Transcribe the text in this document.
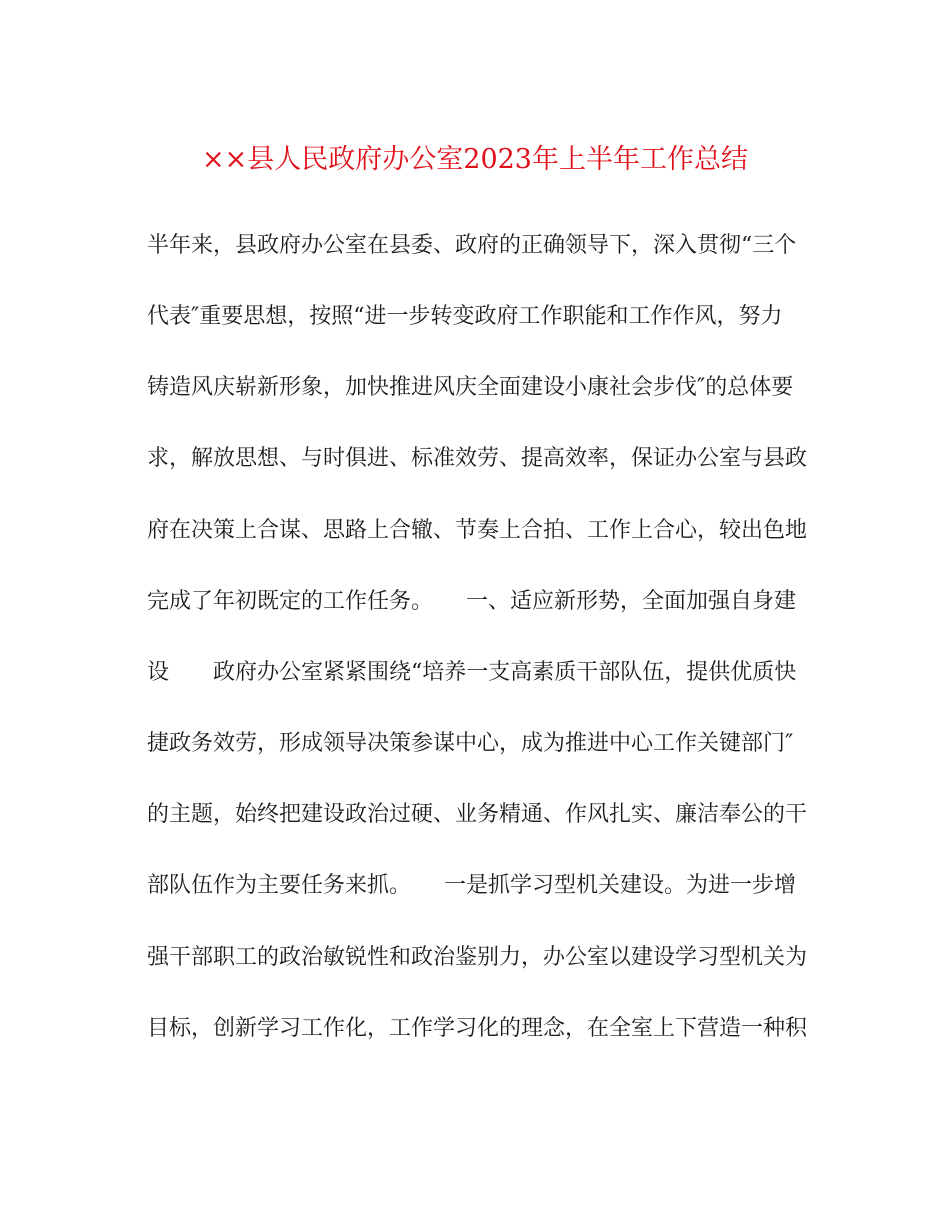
××县人民政府办公室2023年上半年工作总结
半年来，县政府办公室在县委、政府的正确领导下，深入贯彻“三个
代表″重要思想，按照“进一步转变政府工作职能和工作作风，努力
铸造风庆崭新形象，加快推进风庆全面建设小康社会步伐″的总体要
求，解放思想、与时俱进、标准效劳、提高效率，保证办公室与县政
府在决策上合谋、思路上合辙、节奏上合拍、工作上合心，较出色地
完成了年初既定的工作任务。　　一、适应新形势，全面加强自身建
设　　政府办公室紧紧围绕“培养一支高素质干部队伍，提供优质快
捷政务效劳，形成领导决策参谋中心，成为推进中心工作关键部门″
的主题，始终把建设政治过硬、业务精通、作风扎实、廉洁奉公的干
部队伍作为主要任务来抓。　　一是抓学习型机关建设。为进一步增
强干部职工的政治敏锐性和政治鉴别力，办公室以建设学习型机关为
目标，创新学习工作化，工作学习化的理念，在全室上下营造一种积
